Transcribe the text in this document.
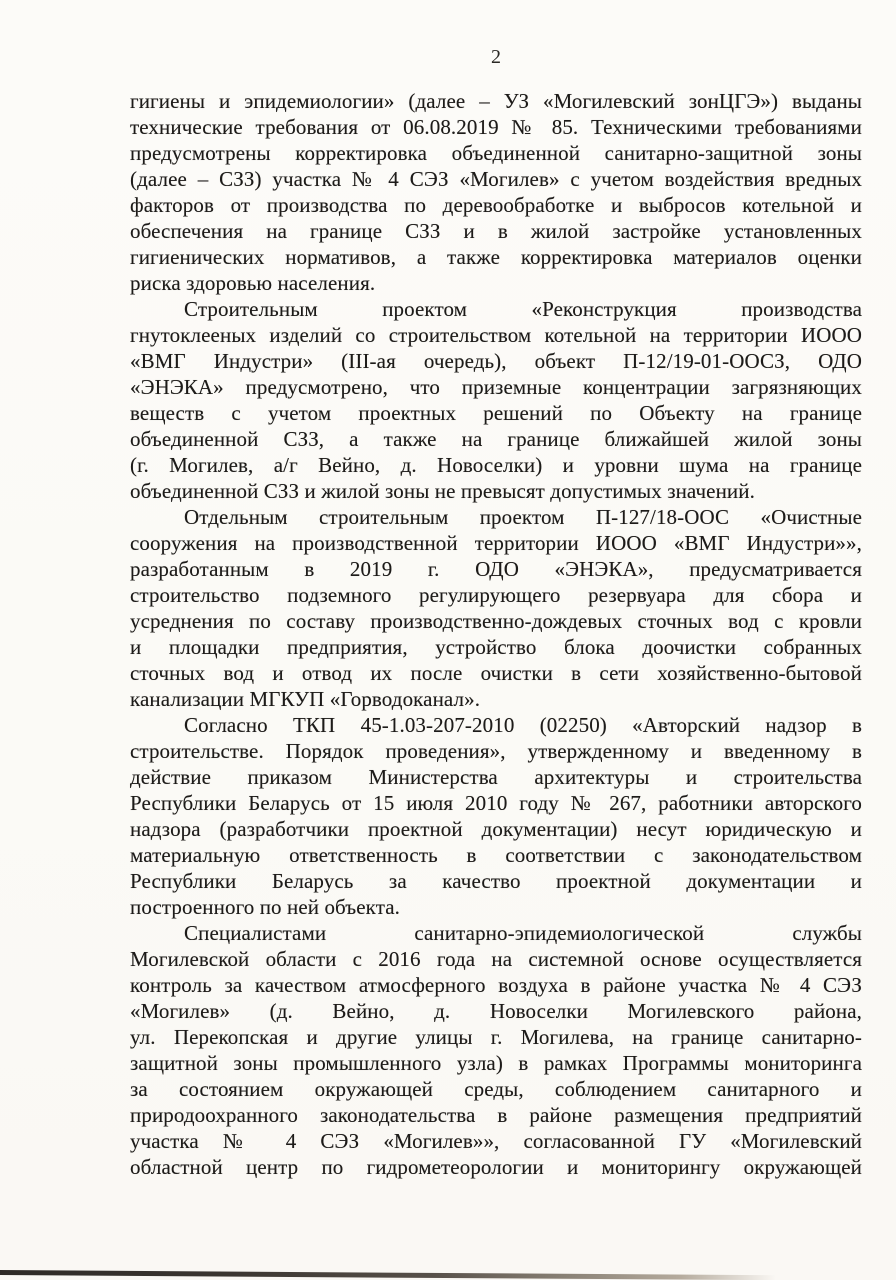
2

гигиены и эпидемиологии» (далее – УЗ «Могилевский зонЦГЭ») выданы
технические требования от 06.08.2019 № 85. Техническими требованиями
предусмотрены корректировка объединенной санитарно-защитной зоны
(далее – СЗЗ) участка № 4 СЭЗ «Могилев» с учетом воздействия вредных
факторов от производства по деревообработке и выбросов котельной и
обеспечения на границе СЗЗ и в жилой застройке установленных
гигиенических нормативов, а также корректировка материалов оценки
риска здоровью населения.

Строительным проектом «Реконструкция производства
гнутоклееных изделий со строительством котельной на территории ИООО
«ВМГ Индустри» (III-ая очередь), объект П-12/19-01-ООСЗ, ОДО
«ЭНЭКА» предусмотрено, что приземные концентрации загрязняющих
веществ с учетом проектных решений по Объекту на границе
объединенной СЗЗ, а также на границе ближайшей жилой зоны
(г. Могилев, а/г Вейно, д. Новоселки) и уровни шума на границе
объединенной СЗЗ и жилой зоны не превысят допустимых значений.

Отдельным строительным проектом П-127/18-ООС «Очистные
сооружения на производственной территории ИООО «ВМГ Индустри»»,
разработанным в 2019 г. ОДО «ЭНЭКА», предусматривается
строительство подземного регулирующего резервуара для сбора и
усреднения по составу производственно-дождевых сточных вод с кровли
и площадки предприятия, устройство блока доочистки собранных
сточных вод и отвод их после очистки в сети хозяйственно-бытовой
канализации МГКУП «Горводоканал».

Согласно ТКП 45-1.03-207-2010 (02250) «Авторский надзор в
строительстве. Порядок проведения», утвержденному и введенному в
действие приказом Министерства архитектуры и строительства
Республики Беларусь от 15 июля 2010 году № 267, работники авторского
надзора (разработчики проектной документации) несут юридическую и
материальную ответственность в соответствии с законодательством
Республики Беларусь за качество проектной документации и
построенного по ней объекта.

Специалистами санитарно-эпидемиологической службы
Могилевской области с 2016 года на системной основе осуществляется
контроль за качеством атмосферного воздуха в районе участка № 4 СЭЗ
«Могилев» (д. Вейно, д. Новоселки Могилевского района,
ул. Перекопская и другие улицы г. Могилева, на границе санитарно-
защитной зоны промышленного узла) в рамках Программы мониторинга
за состоянием окружающей среды, соблюдением санитарного и
природоохранного законодательства в районе размещения предприятий
участка № 4 СЭЗ «Могилев»», согласованной ГУ «Могилевский
областной центр по гидрометеорологии и мониторингу окружающей
